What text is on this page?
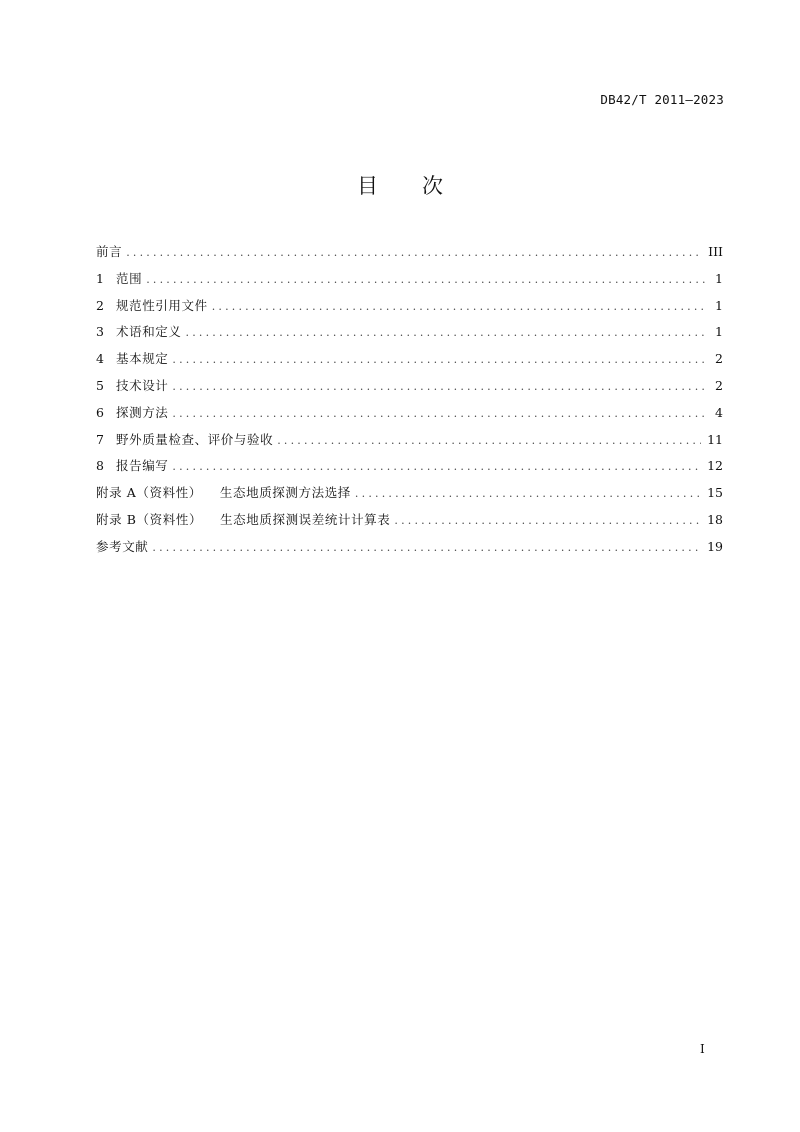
DB42/T 2011—2023
目 次
前言 .....	III
1 范围 .....	1
2 规范性引用文件 .....	1
3 术语和定义 .....	1
4 基本规定 .....	2
5 技术设计 .....	2
6 探测方法 .....	4
7 野外质量检查、评价与验收 .....	11
8 报告编写 .....	12
附录 A（资料性） 生态地质探测方法选择 .....	15
附录 B（资料性） 生态地质探测误差统计计算表 .....	18
参考文献 .....	19
I
